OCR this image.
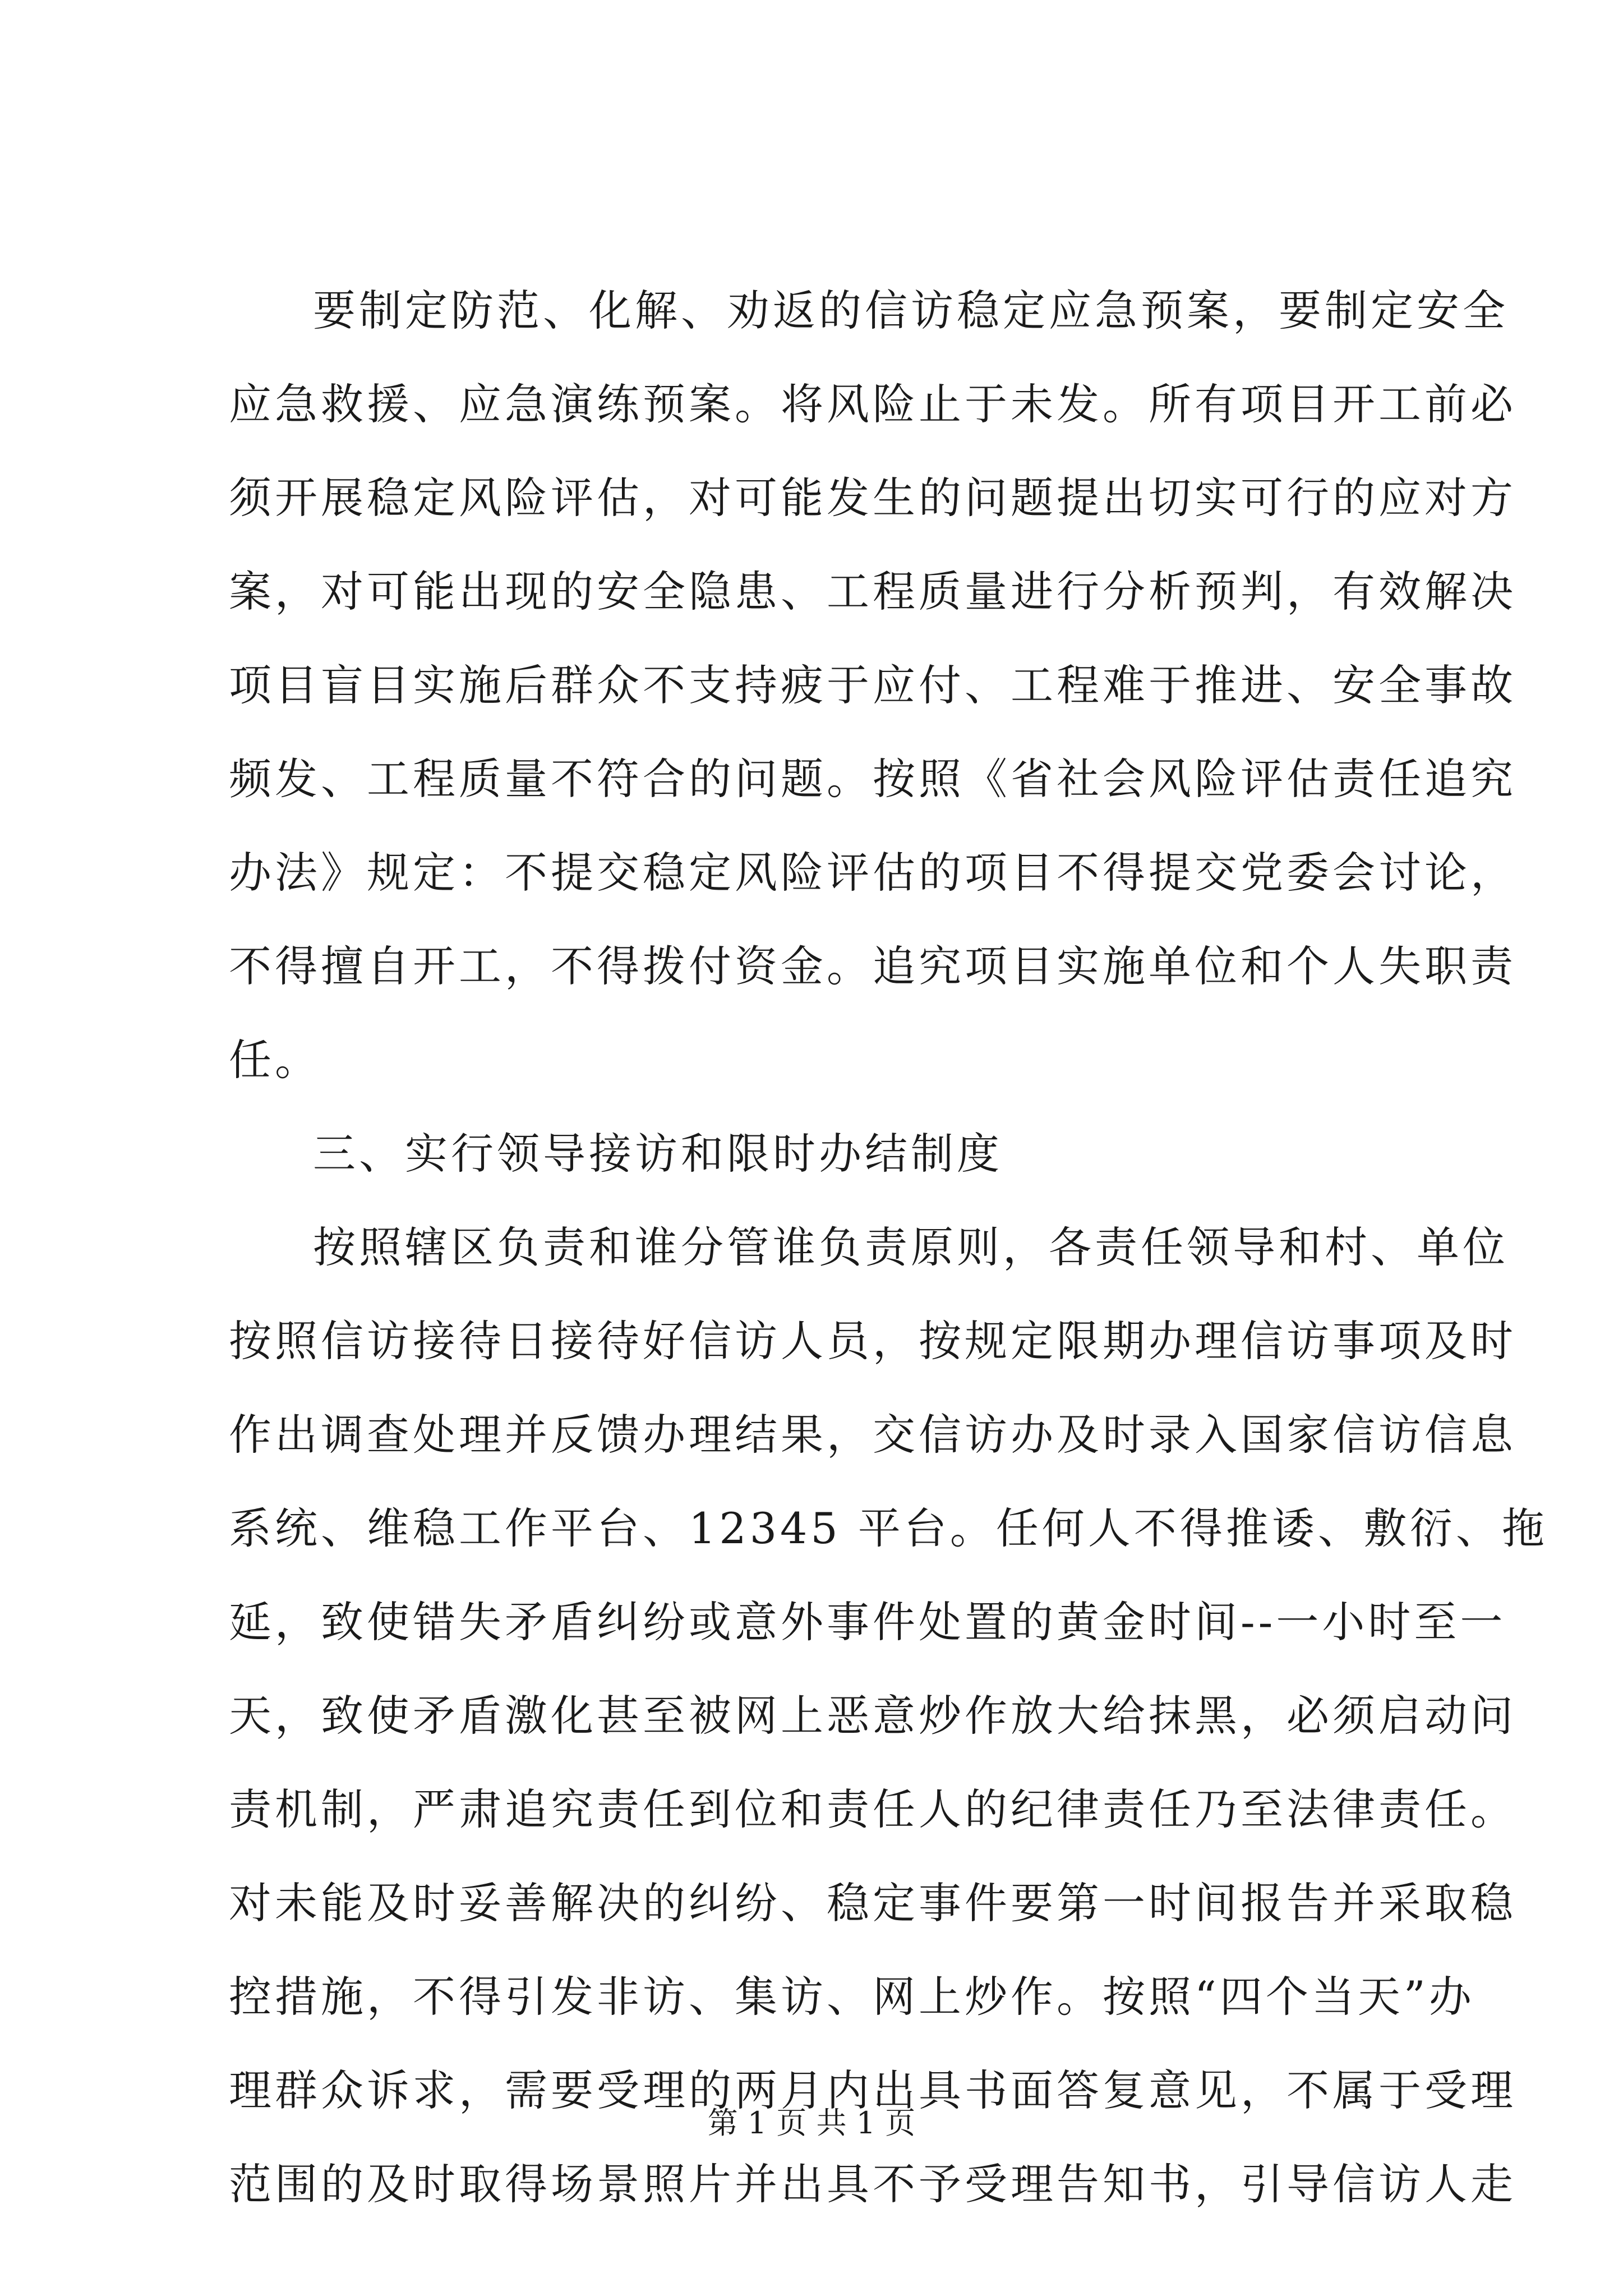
要制定防范、化解、劝返的信访稳定应急预案，要制定安全
应急救援、应急演练预案。将风险止于未发。所有项目开工前必
须开展稳定风险评估，对可能发生的问题提出切实可行的应对方
案，对可能出现的安全隐患、工程质量进行分析预判，有效解决
项目盲目实施后群众不支持疲于应付、工程难于推进、安全事故
频发、工程质量不符合的问题。按照《省社会风险评估责任追究
办法》规定：不提交稳定风险评估的项目不得提交党委会讨论，
不得擅自开工，不得拨付资金。追究项目实施单位和个人失职责
任。
三、实行领导接访和限时办结制度
按照辖区负责和谁分管谁负责原则，各责任领导和村、单位
按照信访接待日接待好信访人员，按规定限期办理信访事项及时
作出调查处理并反馈办理结果，交信访办及时录入国家信访信息
系统、维稳工作平台、12345 平台。任何人不得推诿、敷衍、拖
延，致使错失矛盾纠纷或意外事件处置的黄金时间--一小时至一
天，致使矛盾激化甚至被网上恶意炒作放大给抹黑，必须启动问
责机制，严肃追究责任到位和责任人的纪律责任乃至法律责任。
对未能及时妥善解决的纠纷、稳定事件要第一时间报告并采取稳
控措施，不得引发非访、集访、网上炒作。按照“四个当天”办
理群众诉求，需要受理的两月内出具书面答复意见，不属于受理
范围的及时取得场景照片并出具不予受理告知书，引导信访人走
第 1 页 共 1 页
